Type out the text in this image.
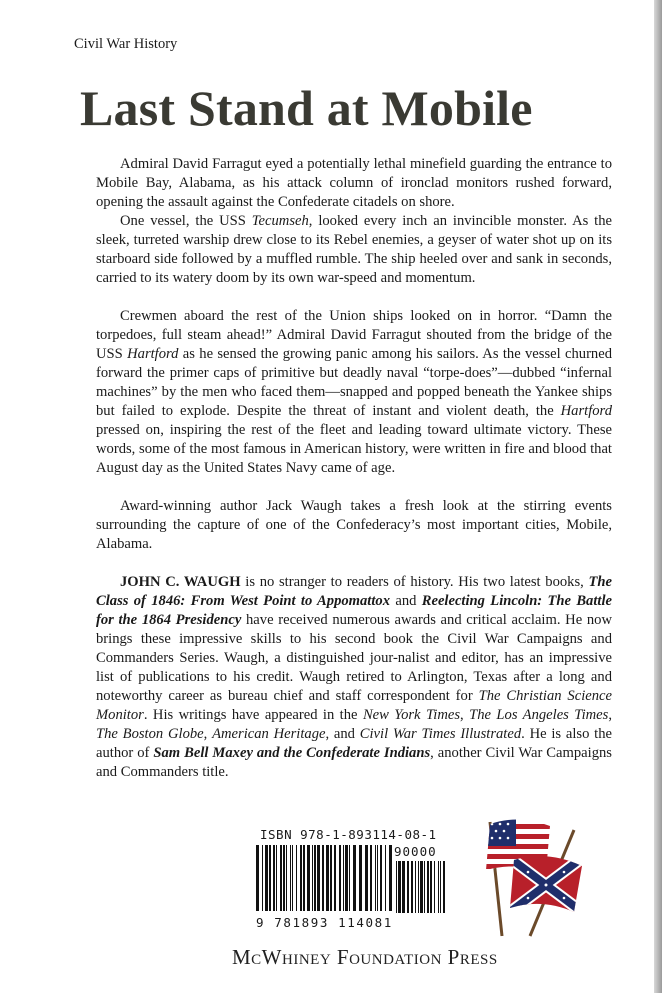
Civil War History
Last Stand at Mobile

Admiral David Farragut eyed a potentially lethal minefield guarding the entrance to Mobile Bay, Alabama, as his attack column of ironclad monitors rushed forward, opening the assault against the Confederate citadels on shore.

One vessel, the USS Tecumseh, looked every inch an invincible monster. As the sleek, turreted warship drew close to its Rebel enemies, a geyser of water shot up on its starboard side followed by a muffled rumble. The ship heeled over and sank in seconds, carried to its watery doom by its own war-speed and momentum.

Crewmen aboard the rest of the Union ships looked on in horror. “Damn the torpedoes, full steam ahead!” Admiral David Farragut shouted from the bridge of the USS Hartford as he sensed the growing panic among his sailors. As the vessel churned forward the primer caps of primitive but deadly naval “torpe-does”—dubbed “infernal machines” by the men who faced them—snapped and popped beneath the Yankee ships but failed to explode. Despite the threat of instant and violent death, the Hartford pressed on, inspiring the rest of the fleet and leading toward ultimate victory. These words, some of the most famous in American history, were written in fire and blood that August day as the United States Navy came of age.

Award-winning author Jack Waugh takes a fresh look at the stirring events surrounding the capture of one of the Confederacy’s most important cities, Mobile, Alabama.

JOHN C. WAUGH is no stranger to readers of history. His two latest books, The Class of 1846: From West Point to Appomattox and Reelecting Lincoln: The Battle for the 1864 Presidency have received numerous awards and critical acclaim. He now brings these impressive skills to his second book the Civil War Campaigns and Commanders Series. Waugh, a distinguished jour-nalist and editor, has an impressive list of publications to his credit. Waugh retired to Arlington, Texas after a long and noteworthy career as bureau chief and staff correspondent for The Christian Science Monitor. His writings have appeared in the New York Times, The Los Angeles Times, The Boston Globe, American Heritage, and Civil War Times Illustrated. He is also the author of Sam Bell Maxey and the Confederate Indians, another Civil War Campaigns and Commanders title.

ISBN 978-1-893114-08-1
90000
9 781893 114081
McWhiney Foundation Press
